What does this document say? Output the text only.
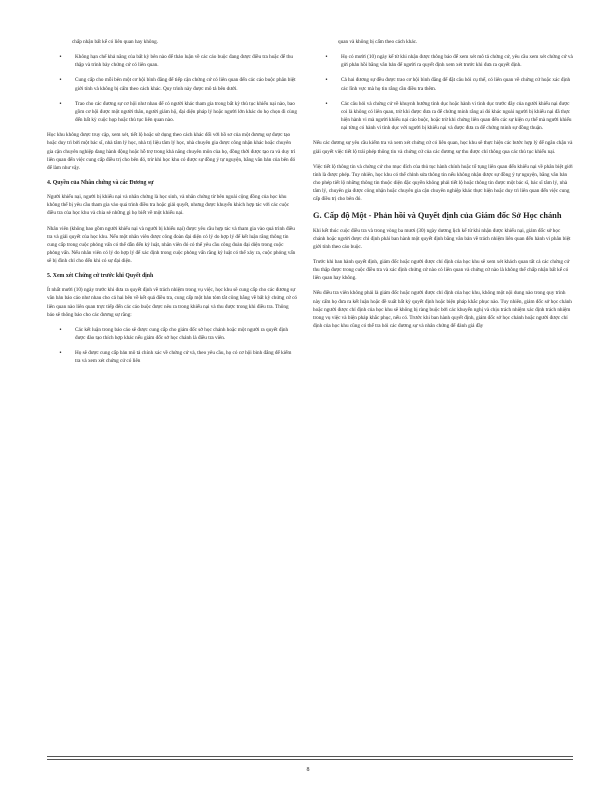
chấp nhận bất kể có liên quan hay không.

•	Không hạn chế khả năng của bất kỳ bên nào để thảo luận về các cáo buộc đang được điều tra hoặc để thu thập và trình bày chứng cứ có liên quan.
•	Cung cấp cho mỗi bên một cơ hội bình đẳng để tiếp cận chứng cứ có liên quan đến các cáo buộc phân biệt giới tính và không bị cấm theo cách khác. Quy trình này được mô tả bên dưới.
•	Trao cho các đương sự cơ hội như nhau để có người khác tham gia trong bất kỳ thủ tục khiếu nại nào, bao gồm cơ hội được một người thân, người giám hộ, đại diện pháp lý hoặc người lớn khác do họ chọn đi cùng đến bất kỳ cuộc họp hoặc thủ tục liên quan nào.

Học khu không được truy cập, xem xét, tiết lộ hoặc sử dụng theo cách khác đối với hồ sơ của một đương sự được tạo hoặc duy trì bởi một bác sĩ, nhà tâm lý học, nhà trị liệu tâm lý học, nhà chuyên gia được công nhận khác hoặc chuyên gia cận chuyên nghiệp đang hành động hoặc hỗ trợ trong khả năng chuyên môn của họ, đồng thời được tạo ra và duy trì liên quan đến việc cung cấp điều trị cho bên đó, trừ khi học khu có được sự đồng ý tự nguyện, bằng văn bản của bên đó để làm như vậy.

4. Quyền của Nhân chứng và các Đương sự

Người khiếu nại, người bị khiếu nại và nhân chứng là học sinh, và nhân chứng từ bên ngoài cộng đồng của học khu không thể bị yêu cầu tham gia vào quá trình điều tra hoặc giải quyết, nhưng được khuyến khích hợp tác với các cuộc điều tra của học khu và chia sẻ những gì họ biết về một khiếu nại.

Nhân viên (không bao gồm người khiếu nại và người bị khiếu nại) được yêu cầu hợp tác và tham gia vào quá trình điều tra và giải quyết của học khu. Nếu một nhân viên được công đoàn đại diện có lý do hợp lý để kết luận rằng thông tin cung cấp trong cuộc phỏng vấn có thể dẫn đến kỷ luật, nhân viên đó có thể yêu cầu công đoàn đại diện trong cuộc phỏng vấn. Nếu nhân viên có lý do hợp lý để xác định trong cuộc phỏng vấn rằng kỷ luật có thể xảy ra, cuộc phỏng vấn sẽ bị đình chỉ cho đến khi có sự đại diện.

5. Xem xét Chứng cứ trước khi Quyết định

Ít nhất mười (10) ngày trước khi đưa ra quyết định về trách nhiệm trong vụ việc, học khu sẽ cung cấp cho các đương sự văn bản báo cáo như nhau cho cả hai bên về kết quả điều tra, cung cấp một bản tóm tắt công bằng về bất kỳ chứng cứ có liên quan nào liên quan trực tiếp đến các cáo buộc được nêu ra trong khiếu nại và thu được trong khi điều tra. Thông báo sẽ thông báo cho các đương sự rằng:

•	Các kết luận trong báo cáo sẽ được cung cấp cho giám đốc sở học chánh hoặc một người ra quyết định được đào tạo thích hợp khác nếu giám đốc sở học chánh là điều tra viên.
•	Họ sẽ được cung cấp bản mô tả chính xác về chứng cứ và, theo yêu cầu, họ có cơ hội bình đẳng để kiểm tra và xem xét chứng cứ có liên

quan và không bị cấm theo cách khác.

•	Họ có mười (10) ngày kể từ khi nhận được thông báo để xem xét mô tả chứng cứ, yêu cầu xem xét chứng cứ và gửi phản hồi bằng văn bản để người ra quyết định xem xét trước khi đưa ra quyết định.
•	Cả hai đương sự đều được trao cơ hội bình đẳng để đặt câu hỏi cụ thể, có liên quan về chứng cứ hoặc xác định các lĩnh vực mà họ tin rằng cần điều tra thêm.
•	Các câu hỏi và chứng cứ về khuynh hướng tình dục hoặc hành vi tình dục trước đây của người khiếu nại được coi là không có liên quan, trừ khi được đưa ra để chứng minh rằng ai đó khác ngoài người bị khiếu nại đã thực hiện hành vi mà người khiếu nại cáo buộc, hoặc trừ khi chứng liên quan đến các sự kiện cụ thể mà người khiếu nại từng có hành vi tình dục với người bị khiếu nại và được đưa ra để chứng minh sự đồng thuận.

Nếu các đương sự yêu cầu kiểm tra và xem xét chứng cứ có liên quan, học khu sẽ thực hiện các bước hợp lý để ngăn chặn và giải quyết việc tiết lộ trái phép thông tin và chứng cứ của các đương sự thu được chỉ thông qua các thủ tục khiếu nại.

Việc tiết lộ thông tin và chứng cứ cho mục đích của thủ tục hành chính hoặc tố tụng liên quan đến khiếu nại về phân biệt giới tính là được phép. Tuy nhiên, học khu có thể chỉnh sửa thông tin nếu không nhận được sự đồng ý tự nguyện, bằng văn bản cho phép tiết lộ những thông tin thuộc diện đặc quyền không phải tiết lộ hoặc thông tin được một bác sĩ, bác sĩ tâm lý, nhà tâm lý, chuyên gia được công nhận hoặc chuyên gia cận chuyên nghiệp khác thực hiện hoặc duy trì liên quan đến việc cung cấp điều trị cho bên đó.

G. Cấp độ Một - Phản hồi và Quyết định của Giám đốc Sở Học chánh

Khi kết thúc cuộc điều tra và trong vòng ba mươi (30) ngày dương lịch kể từ khi nhận được khiếu nại, giám đốc sở học chánh hoặc người được chỉ định phải ban hành một quyết định bằng văn bản về trách nhiệm liên quan đến hành vi phân biệt giới tính theo cáo buộc.

Trước khi ban hành quyết định, giám đốc hoặc người được chỉ định của học khu sẽ xem xét khách quan tất cả các chứng cứ thu thập được trong cuộc điều tra và xác định chứng cứ nào có liên quan và chứng cứ nào là không thể chấp nhận bất kể có liên quan hay không.

Nếu điều tra viên không phải là giám đốc hoặc người được chỉ định của học khu, không một nội dung nào trong quy trình này cấm họ đưa ra kết luận hoặc đề xuất bất kỳ quyết định hoặc biện pháp khắc phục nào. Tuy nhiên, giám đốc sở học chánh hoặc người được chỉ định của học khu sẽ không bị ràng buộc bởi các khuyến nghị và chịu trách nhiệm xác định trách nhiệm trong vụ việc và biện pháp khắc phục, nếu có. Trước khi ban hành quyết định, giám đốc sở học chánh hoặc người được chỉ định của học khu cũng có thể tra hỏi các đương sự và nhân chứng để đánh giá đầy

8
